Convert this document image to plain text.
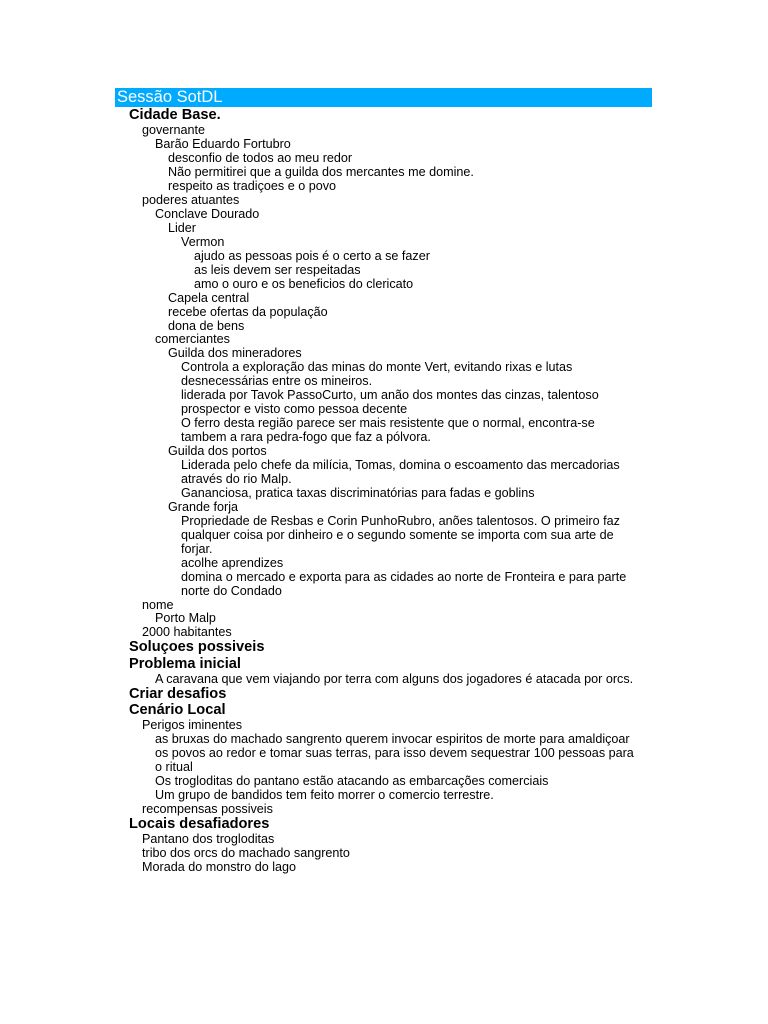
Sessão SotDL
Cidade Base.
governante
Barão Eduardo Fortubro
desconfio de todos ao meu redor
Não permitirei que a guilda dos mercantes me domine.
respeito as tradiçoes e o povo
poderes atuantes
Conclave Dourado
Lider
Vermon
ajudo as pessoas pois é o certo a se fazer
as leis devem ser respeitadas
amo o ouro e os beneficios do clericato
Capela central
recebe ofertas da população
dona de bens
comerciantes
Guilda dos mineradores
Controla a exploração das minas do monte Vert, evitando rixas e lutas
desnecessárias entre os mineiros.
liderada por Tavok PassoCurto, um anão dos montes das cinzas, talentoso
prospector e visto como pessoa decente
O ferro desta região parece ser mais resistente que o normal, encontra-se
tambem a rara pedra-fogo que faz a pólvora.
Guilda dos portos
Liderada pelo chefe da milícia, Tomas, domina o escoamento das mercadorias
através do rio Malp.
Gananciosa, pratica taxas discriminatórias para fadas e goblins
Grande forja
Propriedade de Resbas e Corin PunhoRubro, anões talentosos. O primeiro faz
qualquer coisa por dinheiro e o segundo somente se importa com sua arte de
forjar.
acolhe aprendizes
domina o mercado e exporta para as cidades ao norte de Fronteira e para parte
norte do Condado
nome
Porto Malp
2000 habitantes
Soluçoes possiveis
Problema inicial
A caravana que vem viajando por terra com alguns dos jogadores é atacada por orcs.
Criar desafios
Cenário Local
Perigos iminentes
as bruxas do machado sangrento querem invocar espiritos de morte para amaldiçoar
os povos ao redor e tomar suas terras, para isso devem sequestrar 100 pessoas para
o ritual
Os trogloditas do pantano estão atacando as embarcações comerciais
Um grupo de bandidos tem feito morrer o comercio terrestre.
recompensas possiveis
Locais desafiadores
Pantano dos trogloditas
tribo dos orcs do machado sangrento
Morada do monstro do lago
